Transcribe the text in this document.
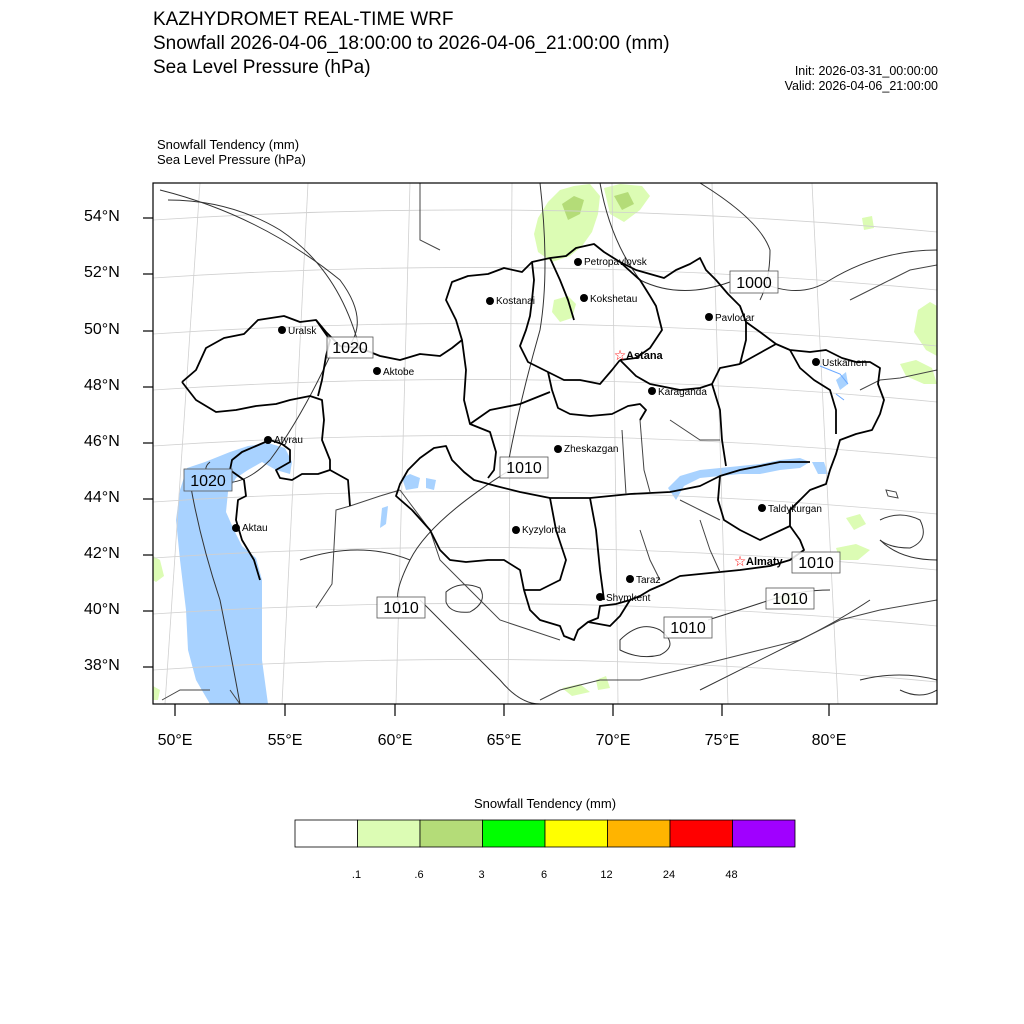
KAZHYDROMET REAL-TIME WRF
Snowfall 2026-04-06_18:00:00 to 2026-04-06_21:00:00 (mm)
Sea Level Pressure (hPa)	Init: 2026-03-31_00:00:00
Valid: 2026-04-06_21:00:00
Snowfall Tendency (mm)
Sea Level Pressure (hPa)
1000
1020
1020
1010
1010
1010
1010
1010
Petropavlovsk
Kostanai	Kokshetau
Pavlodar
Uralsk
Aktobe
☆ Astana
Ustkamen
Karaganda
Atyrau
Zheskazgan
Aktau	Kyzylorda
Taldykurgan
☆ Almaty
Taraz
Shymkent
.1	.6	3	6	12	24	48
54°N
52°N
50°N
48°N
46°N
44°N
42°N
40°N
38°N
50°E	55°E	60°E	65°E	70°E	75°E	80°E
Snowfall Tendency (mm)
